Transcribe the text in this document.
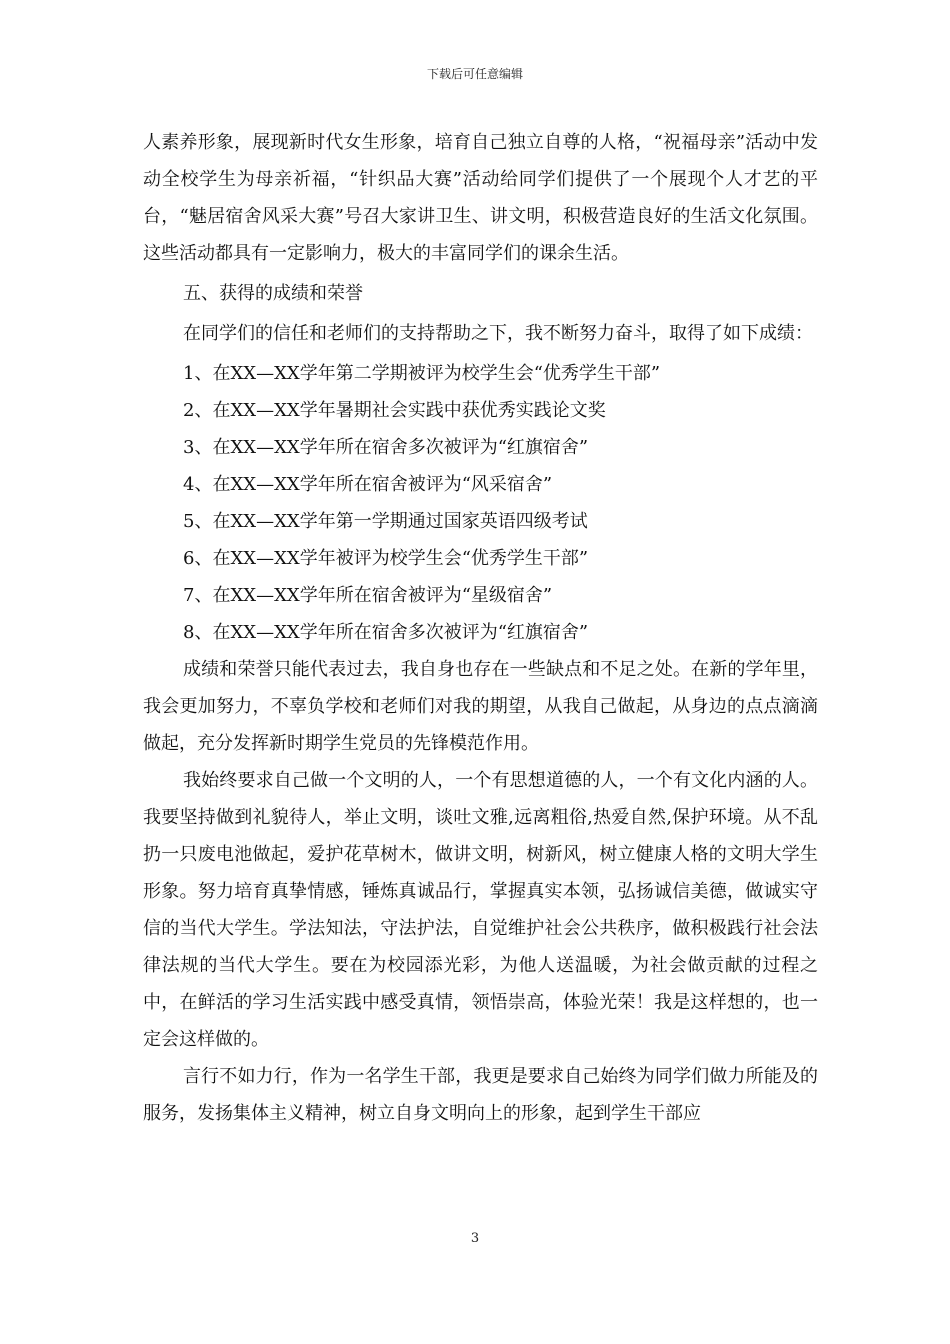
下载后可任意编辑

人素养形象，展现新时代女生形象，培育自己独立自尊的人格，“祝福母亲”活动中发动全校学生为母亲祈福，“针织品大赛”活动给同学们提供了一个展现个人才艺的平台，“魅居宿舍风采大赛”号召大家讲卫生、讲文明，积极营造良好的生活文化氛围。这些活动都具有一定影响力，极大的丰富同学们的课余生活。

五、获得的成绩和荣誉

在同学们的信任和老师们的支持帮助之下，我不断努力奋斗，取得了如下成绩：

1、在XX—XX学年第二学期被评为校学生会“优秀学生干部”

2、在XX—XX学年暑期社会实践中获优秀实践论文奖

3、在XX—XX学年所在宿舍多次被评为“红旗宿舍”

4、在XX—XX学年所在宿舍被评为“风采宿舍”

5、在XX—XX学年第一学期通过国家英语四级考试

6、在XX—XX学年被评为校学生会“优秀学生干部”

7、在XX—XX学年所在宿舍被评为“星级宿舍”

8、在XX—XX学年所在宿舍多次被评为“红旗宿舍”

成绩和荣誉只能代表过去，我自身也存在一些缺点和不足之处。在新的学年里，我会更加努力，不辜负学校和老师们对我的期望，从我自己做起，从身边的点点滴滴做起，充分发挥新时期学生党员的先锋模范作用。

我始终要求自己做一个文明的人，一个有思想道德的人，一个有文化内涵的人。我要坚持做到礼貌待人，举止文明，谈吐文雅,远离粗俗,热爱自然,保护环境。从不乱扔一只废电池做起，爱护花草树木，做讲文明，树新风，树立健康人格的文明大学生形象。努力培育真挚情感，锤炼真诚品行，掌握真实本领，弘扬诚信美德，做诚实守信的当代大学生。学法知法，守法护法，自觉维护社会公共秩序，做积极践行社会法律法规的当代大学生。要在为校园添光彩，为他人送温暖，为社会做贡献的过程之中，在鲜活的学习生活实践中感受真情，领悟崇高，体验光荣！我是这样想的，也一定会这样做的。

言行不如力行，作为一名学生干部，我更是要求自己始终为同学们做力所能及的服务，发扬集体主义精神，树立自身文明向上的形象，起到学生干部应

3
